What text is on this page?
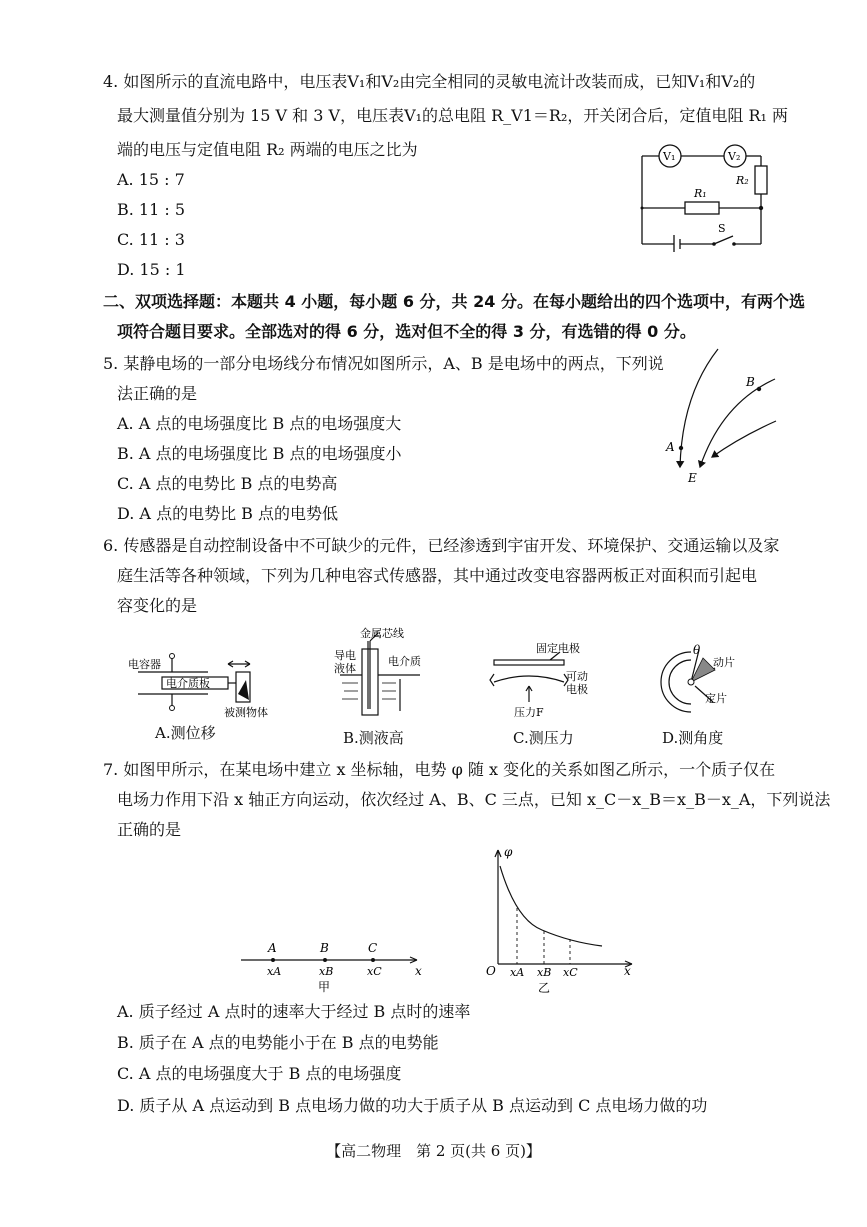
4. 如图所示的直流电路中，电压表V₁和V₂由完全相同的灵敏电流计改装而成，已知V₁和V₂的
最大测量值分别为 15 V 和 3 V，电压表V₁的总电阻 R_V1＝R₂，开关闭合后，定值电阻 R₁ 两
端的电压与定值电阻 R₂ 两端的电压之比为
A. 15 : 7
B. 11 : 5
C. 11 : 3
D. 15 : 1
V₁	V₂
R₁
R₂
S
二、双项选择题：本题共 4 小题，每小题 6 分，共 24 分。在每小题给出的四个选项中，有两个选
项符合题目要求。全部选对的得 6 分，选对但不全的得 3 分，有选错的得 0 分。
5. 某静电场的一部分电场线分布情况如图所示，A、B 是电场中的两点，下列说
法正确的是
A. A 点的电场强度比 B 点的电场强度大
B. A 点的电场强度比 B 点的电场强度小
C. A 点的电势比 B 点的电势高
D. A 点的电势比 B 点的电势低
B
A
E
6. 传感器是自动控制设备中不可缺少的元件，已经渗透到宇宙开发、环境保护、交通运输以及家
庭生活等各种领域，下列为几种电容式传感器，其中通过改变电容器两板正对面积而引起电
容变化的是
电容器
电介质板
被测物体
A.测位移
金属芯线
导电
液体
电介质
B.测液高
固定电极
可动
电极
压力F
C.测压力
θ
动片
定片
D.测角度
7. 如图甲所示，在某电场中建立 x 坐标轴，电势 φ 随 x 变化的关系如图乙所示，一个质子仅在
电场力作用下沿 x 轴正方向运动，依次经过 A、B、C 三点，已知 x_C－x_B＝x_B－x_A，下列说法
正确的是
A	B	C
xA	xB	xC	x
甲
φ
O xA xB xC	x
乙
A. 质子经过 A 点时的速率大于经过 B 点时的速率
B. 质子在 A 点的电势能小于在 B 点的电势能
C. A 点的电场强度大于 B 点的电场强度
D. 质子从 A 点运动到 B 点电场力做的功大于质子从 B 点运动到 C 点电场力做的功
【高二物理　第 2 页(共 6 页)】
